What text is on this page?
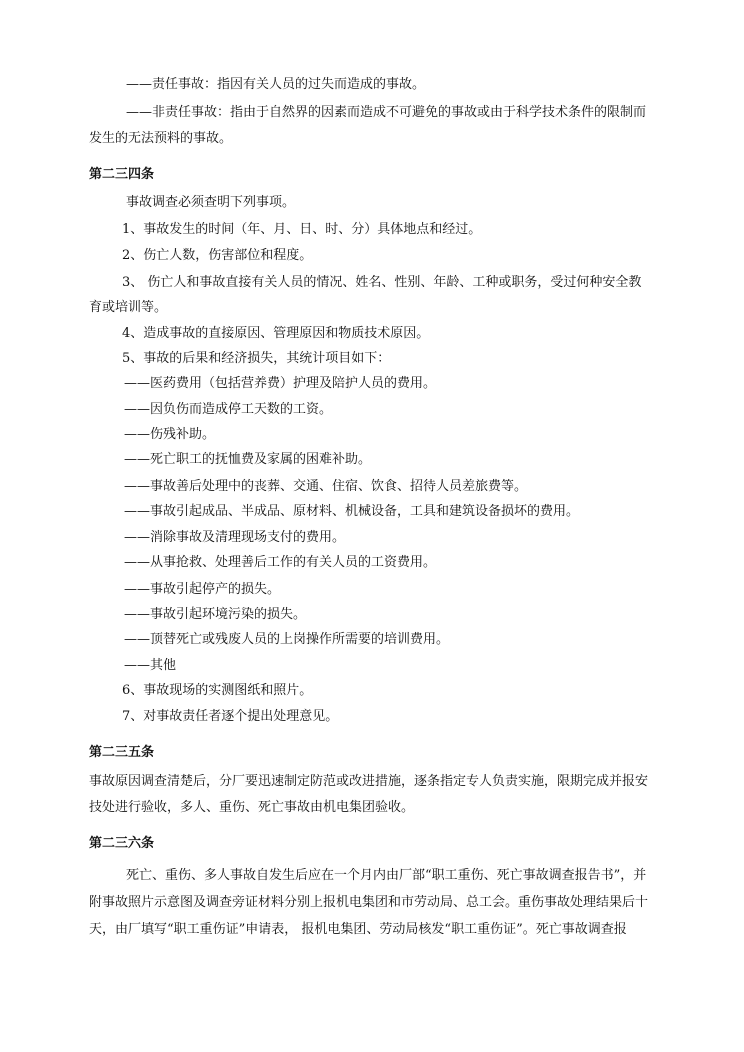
——责任事故：指因有关人员的过失而造成的事故。
——非责任事故：指由于自然界的因素而造成不可避免的事故或由于科学技术条件的限制而
发生的无法预料的事故。
第二三四条
事故调查必须查明下列事项。
1、事故发生的时间（年、月、日、时、分）具体地点和经过。
2、伤亡人数，伤害部位和程度。
3、 伤亡人和事故直接有关人员的情况、姓名、性别、年龄、工种或职务，受过何种安全教
育或培训等。
4、造成事故的直接原因、管理原因和物质技术原因。
5、事故的后果和经济损失，其统计项目如下：
——医药费用（包括营养费）护理及陪护人员的费用。
——因负伤而造成停工天数的工资。
——伤残补助。
——死亡职工的抚恤费及家属的困难补助。
——事故善后处理中的丧葬、交通、住宿、饮食、招待人员差旅费等。
——事故引起成品、半成品、原材料、机械设备，工具和建筑设备损坏的费用。
——消除事故及清理现场支付的费用。
——从事抢救、处理善后工作的有关人员的工资费用。
——事故引起停产的损失。
——事故引起环境污染的损失。
——顶替死亡或残废人员的上岗操作所需要的培训费用。
——其他
6、事故现场的实测图纸和照片。
7、对事故责任者逐个提出处理意见。
第二三五条
事故原因调查清楚后，分厂要迅速制定防范或改进措施，逐条指定专人负责实施，限期完成并报安
技处进行验收，多人、重伤、死亡事故由机电集团验收。
第二三六条
死亡、重伤、多人事故自发生后应在一个月内由厂部“职工重伤、死亡事故调查报告书”，并
附事故照片示意图及调查旁证材料分别上报机电集团和市劳动局、总工会。重伤事故处理结果后十
天，由厂填写“职工重伤证”申请表， 报机电集团、劳动局核发“职工重伤证”。死亡事故调查报
